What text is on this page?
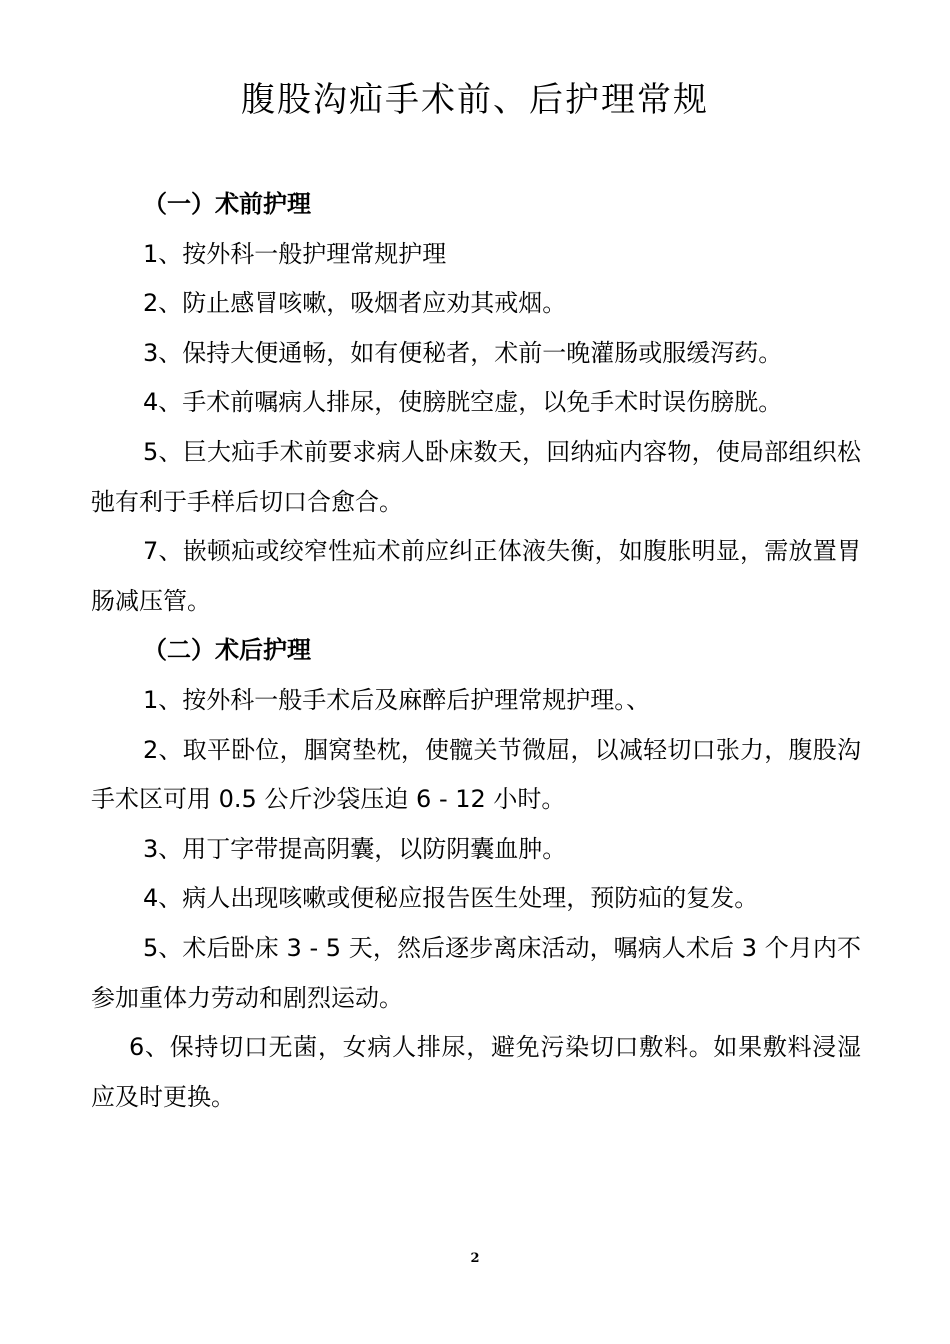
腹股沟疝手术前、后护理常规

（一）术前护理

1、按外科一般护理常规护理

2、防止感冒咳嗽，吸烟者应劝其戒烟。

3、保持大便通畅，如有便秘者，术前一晚灌肠或服缓泻药。

4、手术前嘱病人排尿，使膀胱空虚，以免手术时误伤膀胱。

5、巨大疝手术前要求病人卧床数天，回纳疝内容物，使局部组织松弛有利于手样后切口合愈合。

7、嵌顿疝或绞窄性疝术前应纠正体液失衡，如腹胀明显，需放置胃肠减压管。

（二）术后护理

1、按外科一般手术后及麻醉后护理常规护理。、

2、取平卧位，腘窝垫枕，使髋关节微屈，以减轻切口张力，腹股沟手术区可用 0.5 公斤沙袋压迫 6 - 12 小时。

3、用丁字带提高阴囊，以防阴囊血肿。

4、病人出现咳嗽或便秘应报告医生处理，预防疝的复发。

5、术后卧床 3 - 5 天，然后逐步离床活动，嘱病人术后 3 个月内不参加重体力劳动和剧烈运动。

6、保持切口无菌，女病人排尿，避免污染切口敷料。如果敷料浸湿应及时更换。

2
